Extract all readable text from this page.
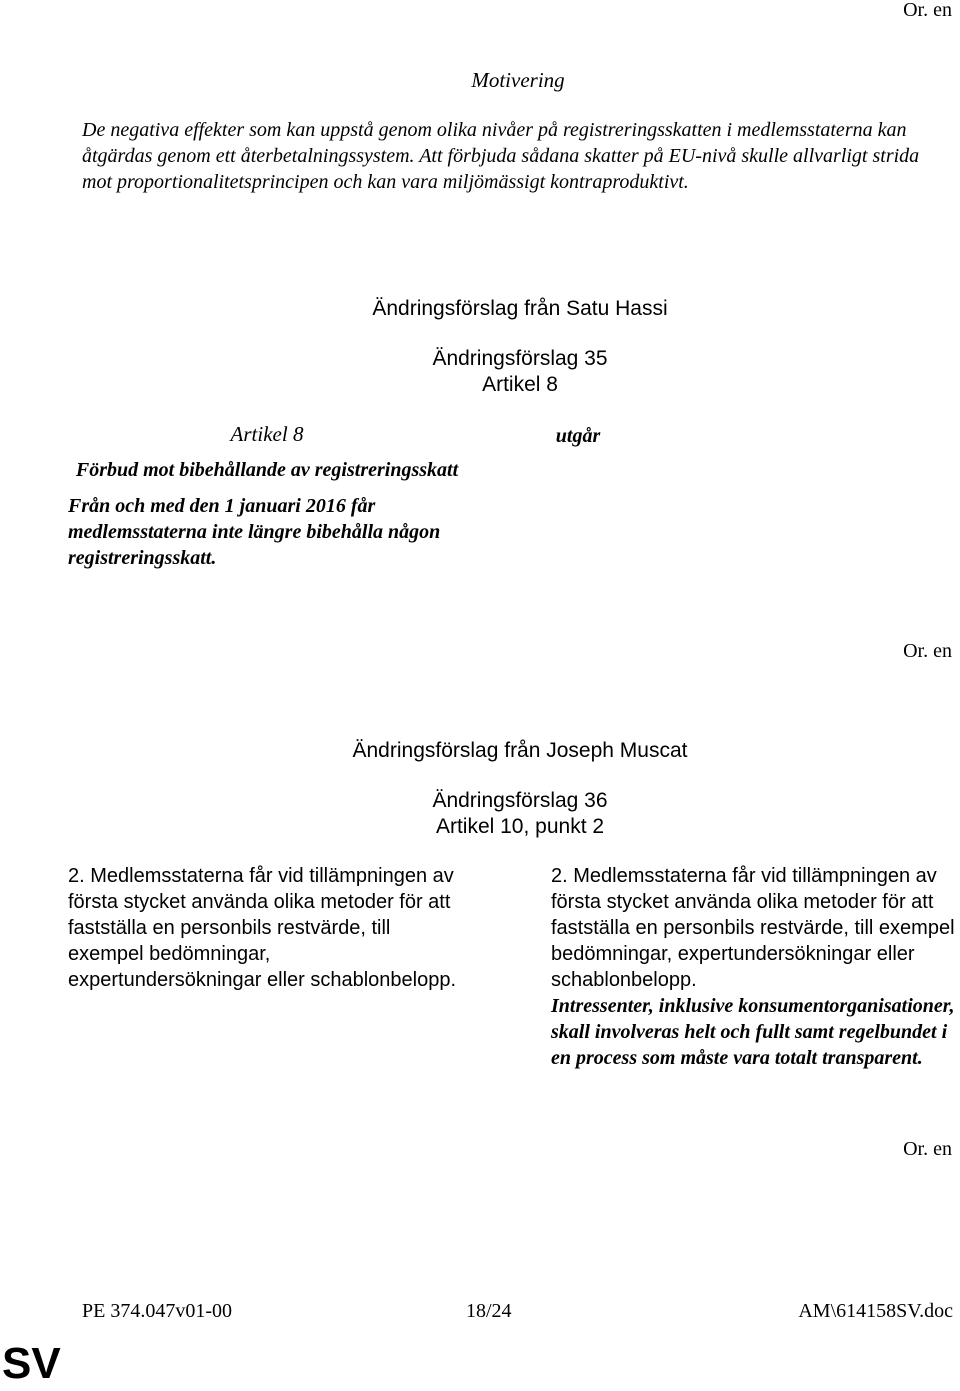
Or. en
Motivering
De negativa effekter som kan uppstå genom olika nivåer på registreringsskatten i medlemsstaterna kan åtgärdas genom ett återbetalningssystem. Att förbjuda sådana skatter på EU-nivå skulle allvarligt strida mot proportionalitetsprincipen och kan vara miljömässigt kontraproduktivt.
Ändringsförslag från Satu Hassi
Ändringsförslag 35
Artikel 8
Artikel 8
Förbud mot bibehållande av registreringsskatt
Från och med den 1 januari 2016 får medlemsstaterna inte längre bibehålla någon registreringsskatt.
utgår
Or. en
Ändringsförslag från Joseph Muscat
Ändringsförslag 36
Artikel 10, punkt 2
2. Medlemsstaterna får vid tillämpningen av första stycket använda olika metoder för att fastställa en personbils restvärde, till exempel bedömningar, expertundersökningar eller schablonbelopp.
2. Medlemsstaterna får vid tillämpningen av första stycket använda olika metoder för att fastställa en personbils restvärde, till exempel bedömningar, expertundersökningar eller schablonbelopp.
Intressenter, inklusive konsumentorganisationer, skall involveras helt och fullt samt regelbundet i en process som måste vara totalt transparent.
Or. en
PE 374.047v01-00	18/24	AM\614158SV.doc
SV
